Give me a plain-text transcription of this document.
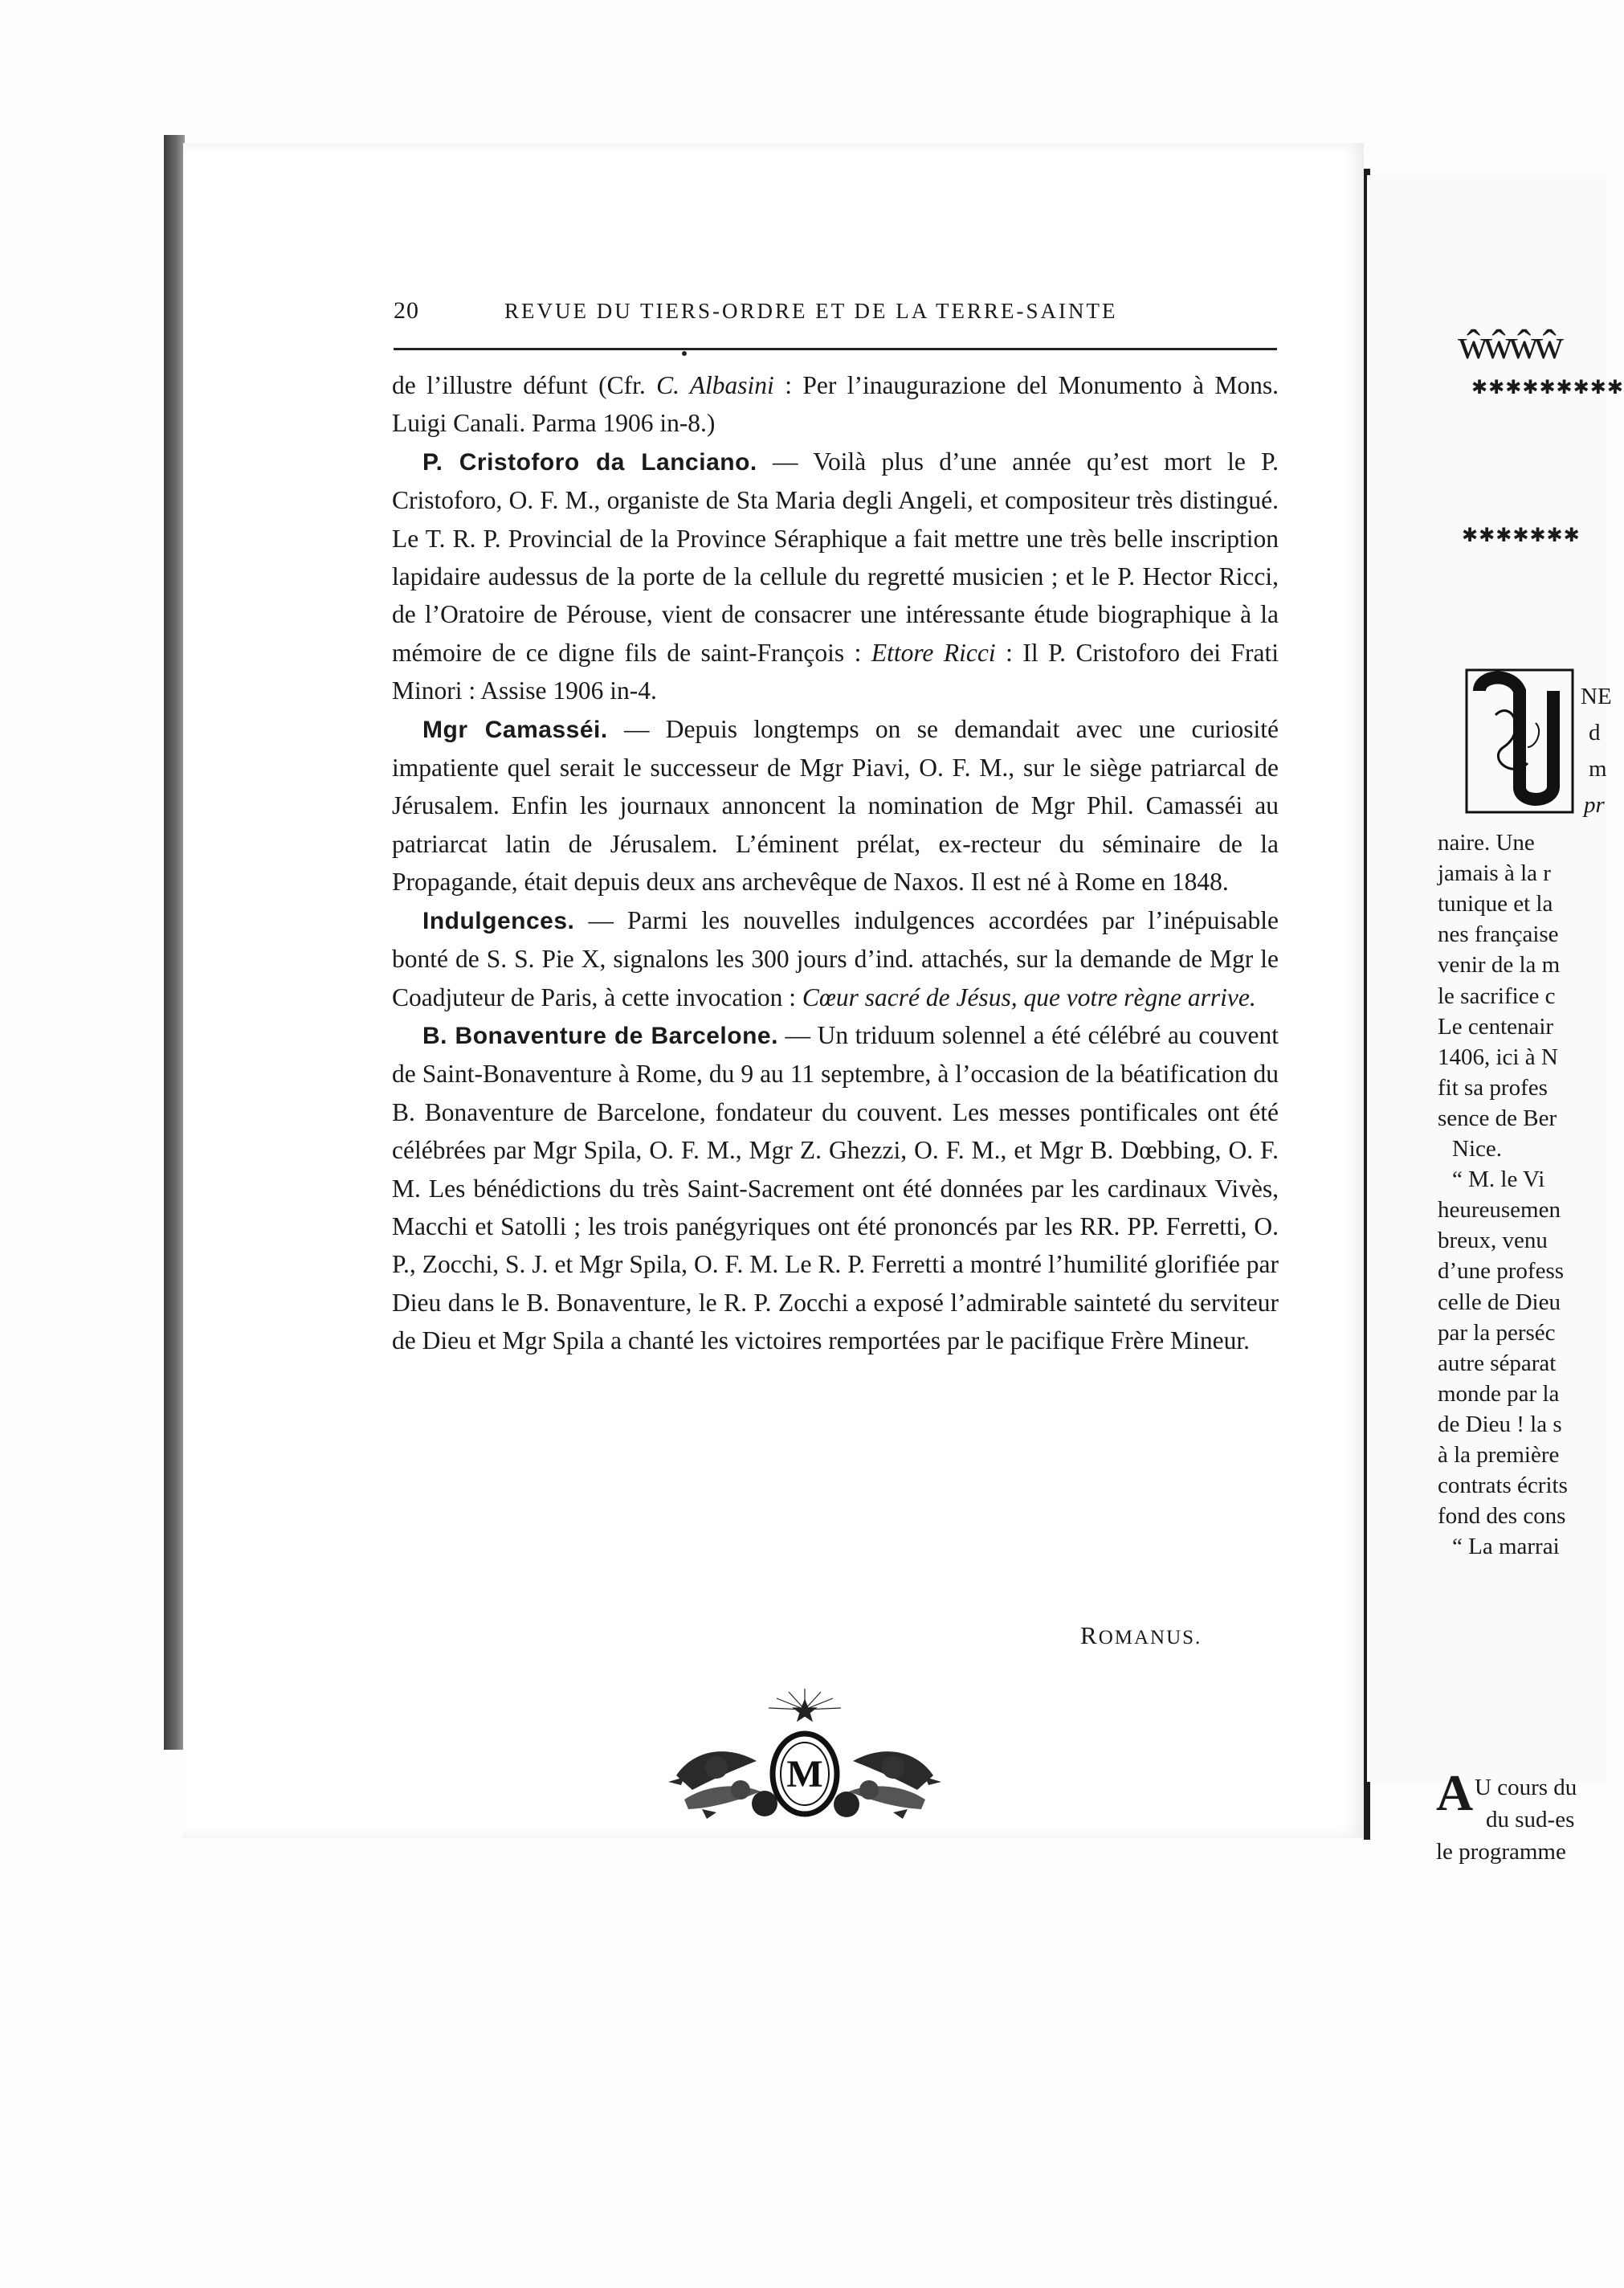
20	REVUE DU TIERS-ORDRE ET DE LA TERRE-SAINTE

de l’illustre défunt (Cfr. C. Albasini : Per l’inaugurazione del Monumento à Mons. Luigi Canali. Parma 1906 in-8.)

P. Cristoforo da Lanciano. — Voilà plus d’une année qu’est mort le P. Cristoforo, O. F. M., organiste de Sta Maria degli Angeli, et compositeur très distingué. Le T. R. P. Provincial de la Province Séraphique a fait mettre une très belle inscription lapidaire audessus de la porte de la cellule du regretté musicien ; et le P. Hector Ricci, de l’Oratoire de Pérouse, vient de consacrer une intéressante étude biographique à la mémoire de ce digne fils de saint-François : Ettore Ricci : Il P. Cristoforo dei Frati Minori : Assise 1906 in-4.

Mgr Camasséi. — Depuis longtemps on se demandait avec une curiosité impatiente quel serait le successeur de Mgr Piavi, O. F. M., sur le siège patriarcal de Jérusalem. Enfin les journaux annoncent la nomination de Mgr Phil. Camasséi au patriarcat latin de Jérusalem. L’éminent prélat, ex-recteur du séminaire de la Propagande, était depuis deux ans archevêque de Naxos. Il est né à Rome en 1848.

Indulgences. — Parmi les nouvelles indulgences accordées par l’inépuisable bonté de S. S. Pie X, signalons les 300 jours d’ind. attachés, sur la demande de Mgr le Coadjuteur de Paris, à cette invocation : Cœur sacré de Jésus, que votre règne arrive.

B. Bonaventure de Barcelone. — Un triduum solennel a été célébré au couvent de Saint-Bonaventure à Rome, du 9 au 11 septembre, à l’occasion de la béatification du B. Bonaventure de Barcelone, fondateur du couvent. Les messes pontificales ont été célébrées par Mgr Spila, O. F. M., Mgr Z. Ghezzi, O. F. M., et Mgr B. Dœbbing, O. F. M. Les bénédictions du très Saint-Sacrement ont été données par les cardinaux Vivès, Macchi et Satolli ; les trois panégyriques ont été prononcés par les RR. PP. Ferretti, O. P., Zocchi, S. J. et Mgr Spila, O. F. M. Le R. P. Ferretti a montré l’humilité glorifiée par Dieu dans le B. Bonaventure, le R. P. Zocchi a exposé l’admirable sainteté du serviteur de Dieu et Mgr Spila a chanté les victoires remportées par le pacifique Frère Mineur.

ROMANUS.
M
ŵŵŵŵ
✱✱✱✱✱✱✱✱✱
✱✱✱✱✱✱✱
NE
d
m
pr
naire. Une
jamais à la r
tunique et la
nes française
venir de la m
le sacrifice c
Le centenair
1406, ici à N
fit sa profes
sence de Ber
Nice.
“ M. le Vi
heureusemen
breux, venu
d’une profess
celle de Dieu
par la perséc
autre séparat
monde par la
de Dieu ! la s
à la première
contrats écrits
fond des cons
“ La marrai
A U cours du
du sud-es
le programme
